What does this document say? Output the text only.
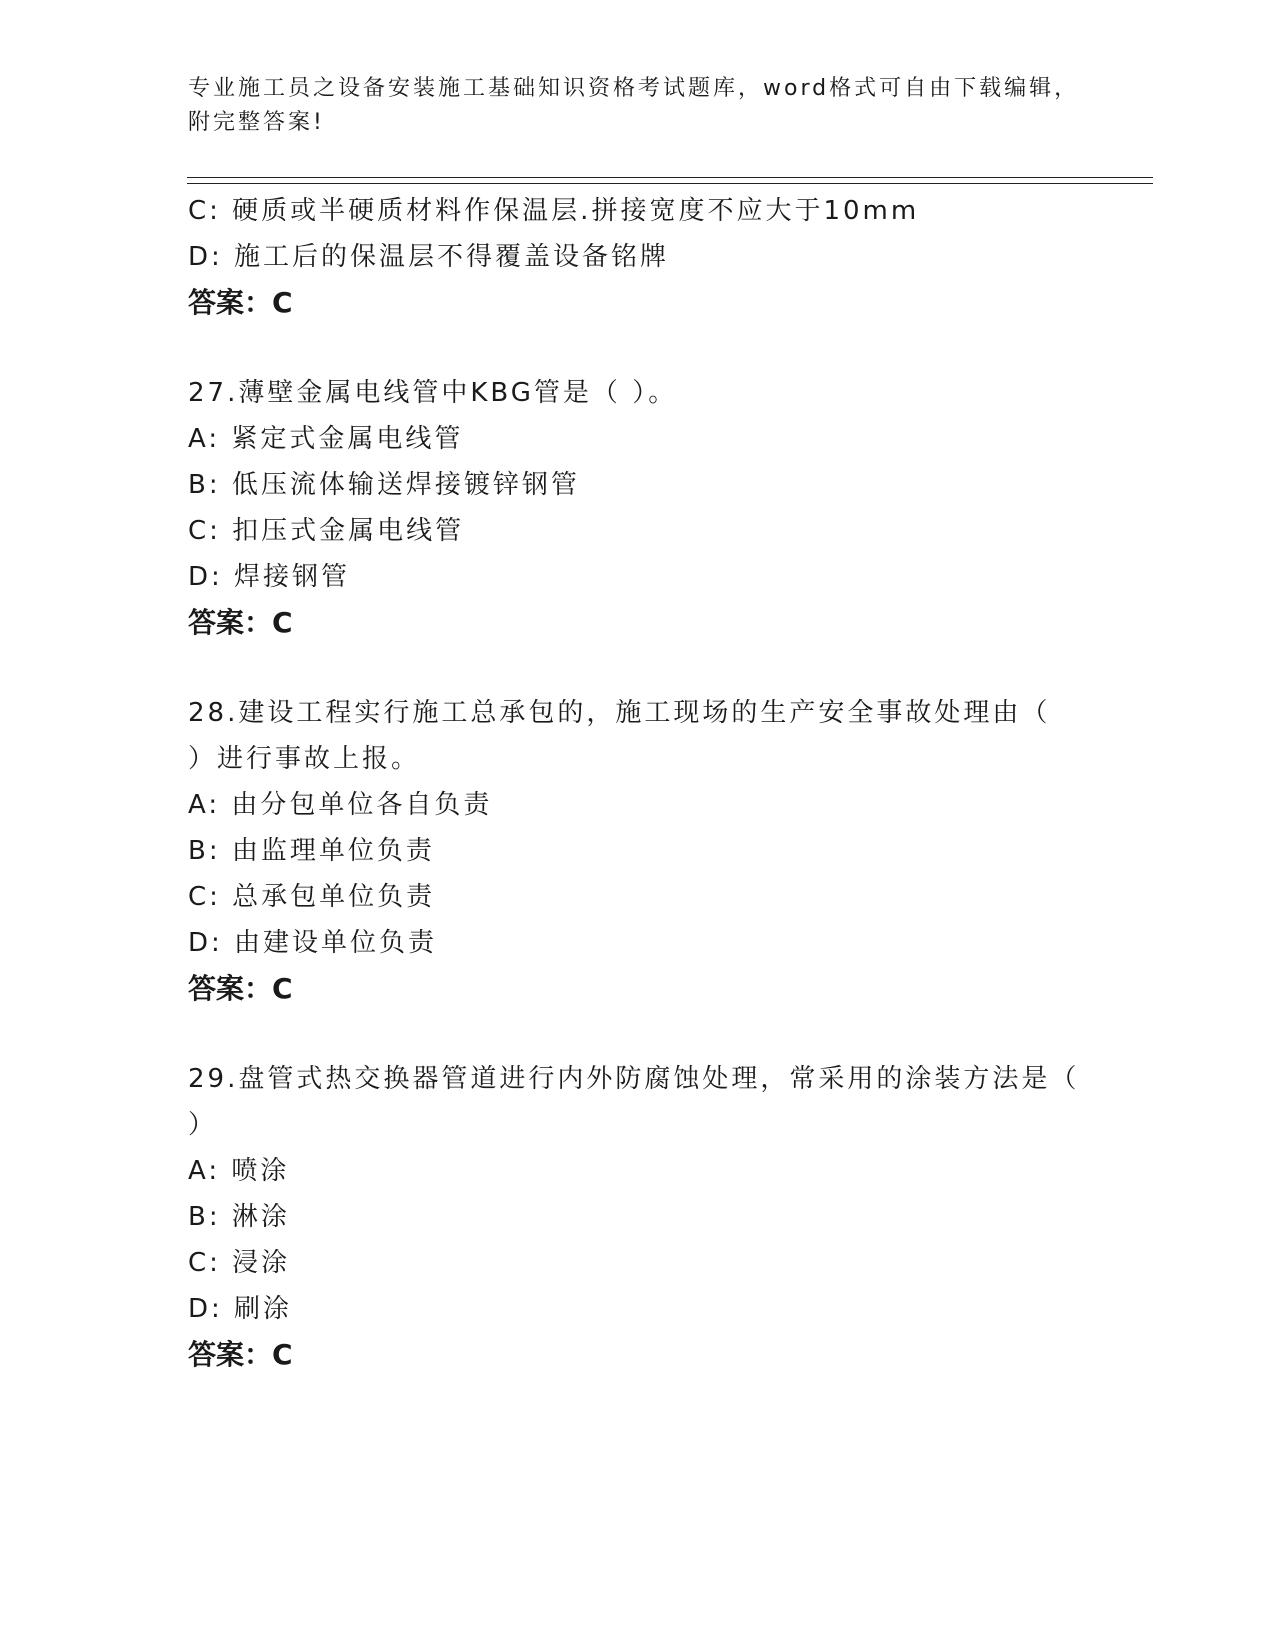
专业施工员之设备安装施工基础知识资格考试题库，word格式可自由下载编辑，
附完整答案!
C: 硬质或半硬质材料作保温层.拼接宽度不应大于10mm
D: 施工后的保温层不得覆盖设备铭牌
答案：C
27.薄壁金属电线管中KBG管是（ ）。
A: 紧定式金属电线管
B: 低压流体输送焊接镀锌钢管
C: 扣压式金属电线管
D: 焊接钢管
答案：C
28.建设工程实行施工总承包的，施工现场的生产安全事故处理由（
）进行事故上报。
A: 由分包单位各自负责
B: 由监理单位负责
C: 总承包单位负责
D: 由建设单位负责
答案：C
29.盘管式热交换器管道进行内外防腐蚀处理，常采用的涂装方法是（
）
A: 喷涂
B: 淋涂
C: 浸涂
D: 刷涂
答案：C
